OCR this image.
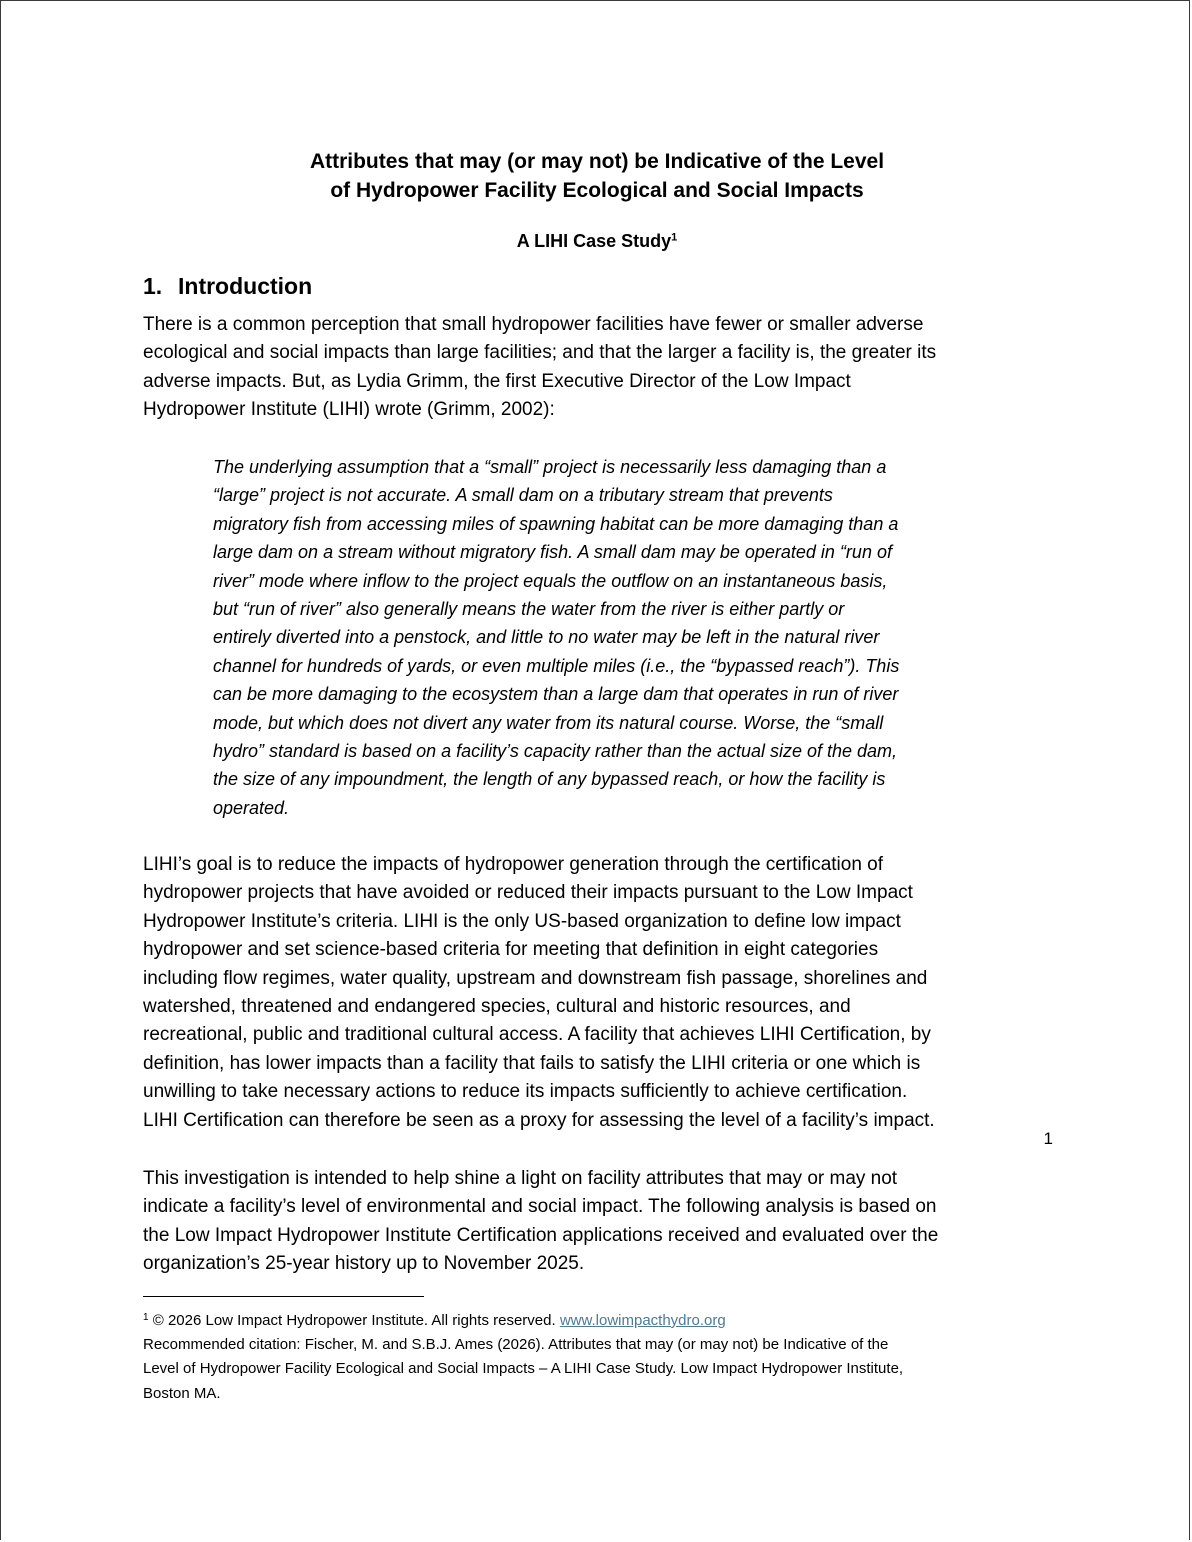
Attributes that may (or may not) be Indicative of the Level
of Hydropower Facility Ecological and Social Impacts
A LIHI Case Study$^1$
1. Introduction
There is a common perception that small hydropower facilities have fewer or smaller adverse
ecological and social impacts than large facilities; and that the larger a facility is, the greater its
adverse impacts. But, as Lydia Grimm, the first Executive Director of the Low Impact
Hydropower Institute (LIHI) wrote (Grimm, 2002):
The underlying assumption that a “small” project is necessarily less damaging than a
“large” project is not accurate. A small dam on a tributary stream that prevents
migratory fish from accessing miles of spawning habitat can be more damaging than a
large dam on a stream without migratory fish. A small dam may be operated in “run of
river” mode where inflow to the project equals the outflow on an instantaneous basis,
but “run of river” also generally means the water from the river is either partly or
entirely diverted into a penstock, and little to no water may be left in the natural river
channel for hundreds of yards, or even multiple miles (i.e., the “bypassed reach”). This
can be more damaging to the ecosystem than a large dam that operates in run of river
mode, but which does not divert any water from its natural course. Worse, the “small
hydro” standard is based on a facility’s capacity rather than the actual size of the dam,
the size of any impoundment, the length of any bypassed reach, or how the facility is
operated.
LIHI’s goal is to reduce the impacts of hydropower generation through the certification of
hydropower projects that have avoided or reduced their impacts pursuant to the Low Impact
Hydropower Institute’s criteria. LIHI is the only US-based organization to define low impact
hydropower and set science-based criteria for meeting that definition in eight categories
including flow regimes, water quality, upstream and downstream fish passage, shorelines and
watershed, threatened and endangered species, cultural and historic resources, and
recreational, public and traditional cultural access. A facility that achieves LIHI Certification, by
definition, has lower impacts than a facility that fails to satisfy the LIHI criteria or one which is
unwilling to take necessary actions to reduce its impacts sufficiently to achieve certification.
LIHI Certification can therefore be seen as a proxy for assessing the level of a facility’s impact.
This investigation is intended to help shine a light on facility attributes that may or may not
indicate a facility’s level of environmental and social impact. The following analysis is based on
the Low Impact Hydropower Institute Certification applications received and evaluated over the
organization’s 25-year history up to November 2025.
$^1$ © 2026 Low Impact Hydropower Institute. All rights reserved. www.lowimpacthydro.org
Recommended citation: Fischer, M. and S.B.J. Ames (2026). Attributes that may (or may not) be Indicative of the
Level of Hydropower Facility Ecological and Social Impacts – A LIHI Case Study. Low Impact Hydropower Institute,
Boston MA.
1
